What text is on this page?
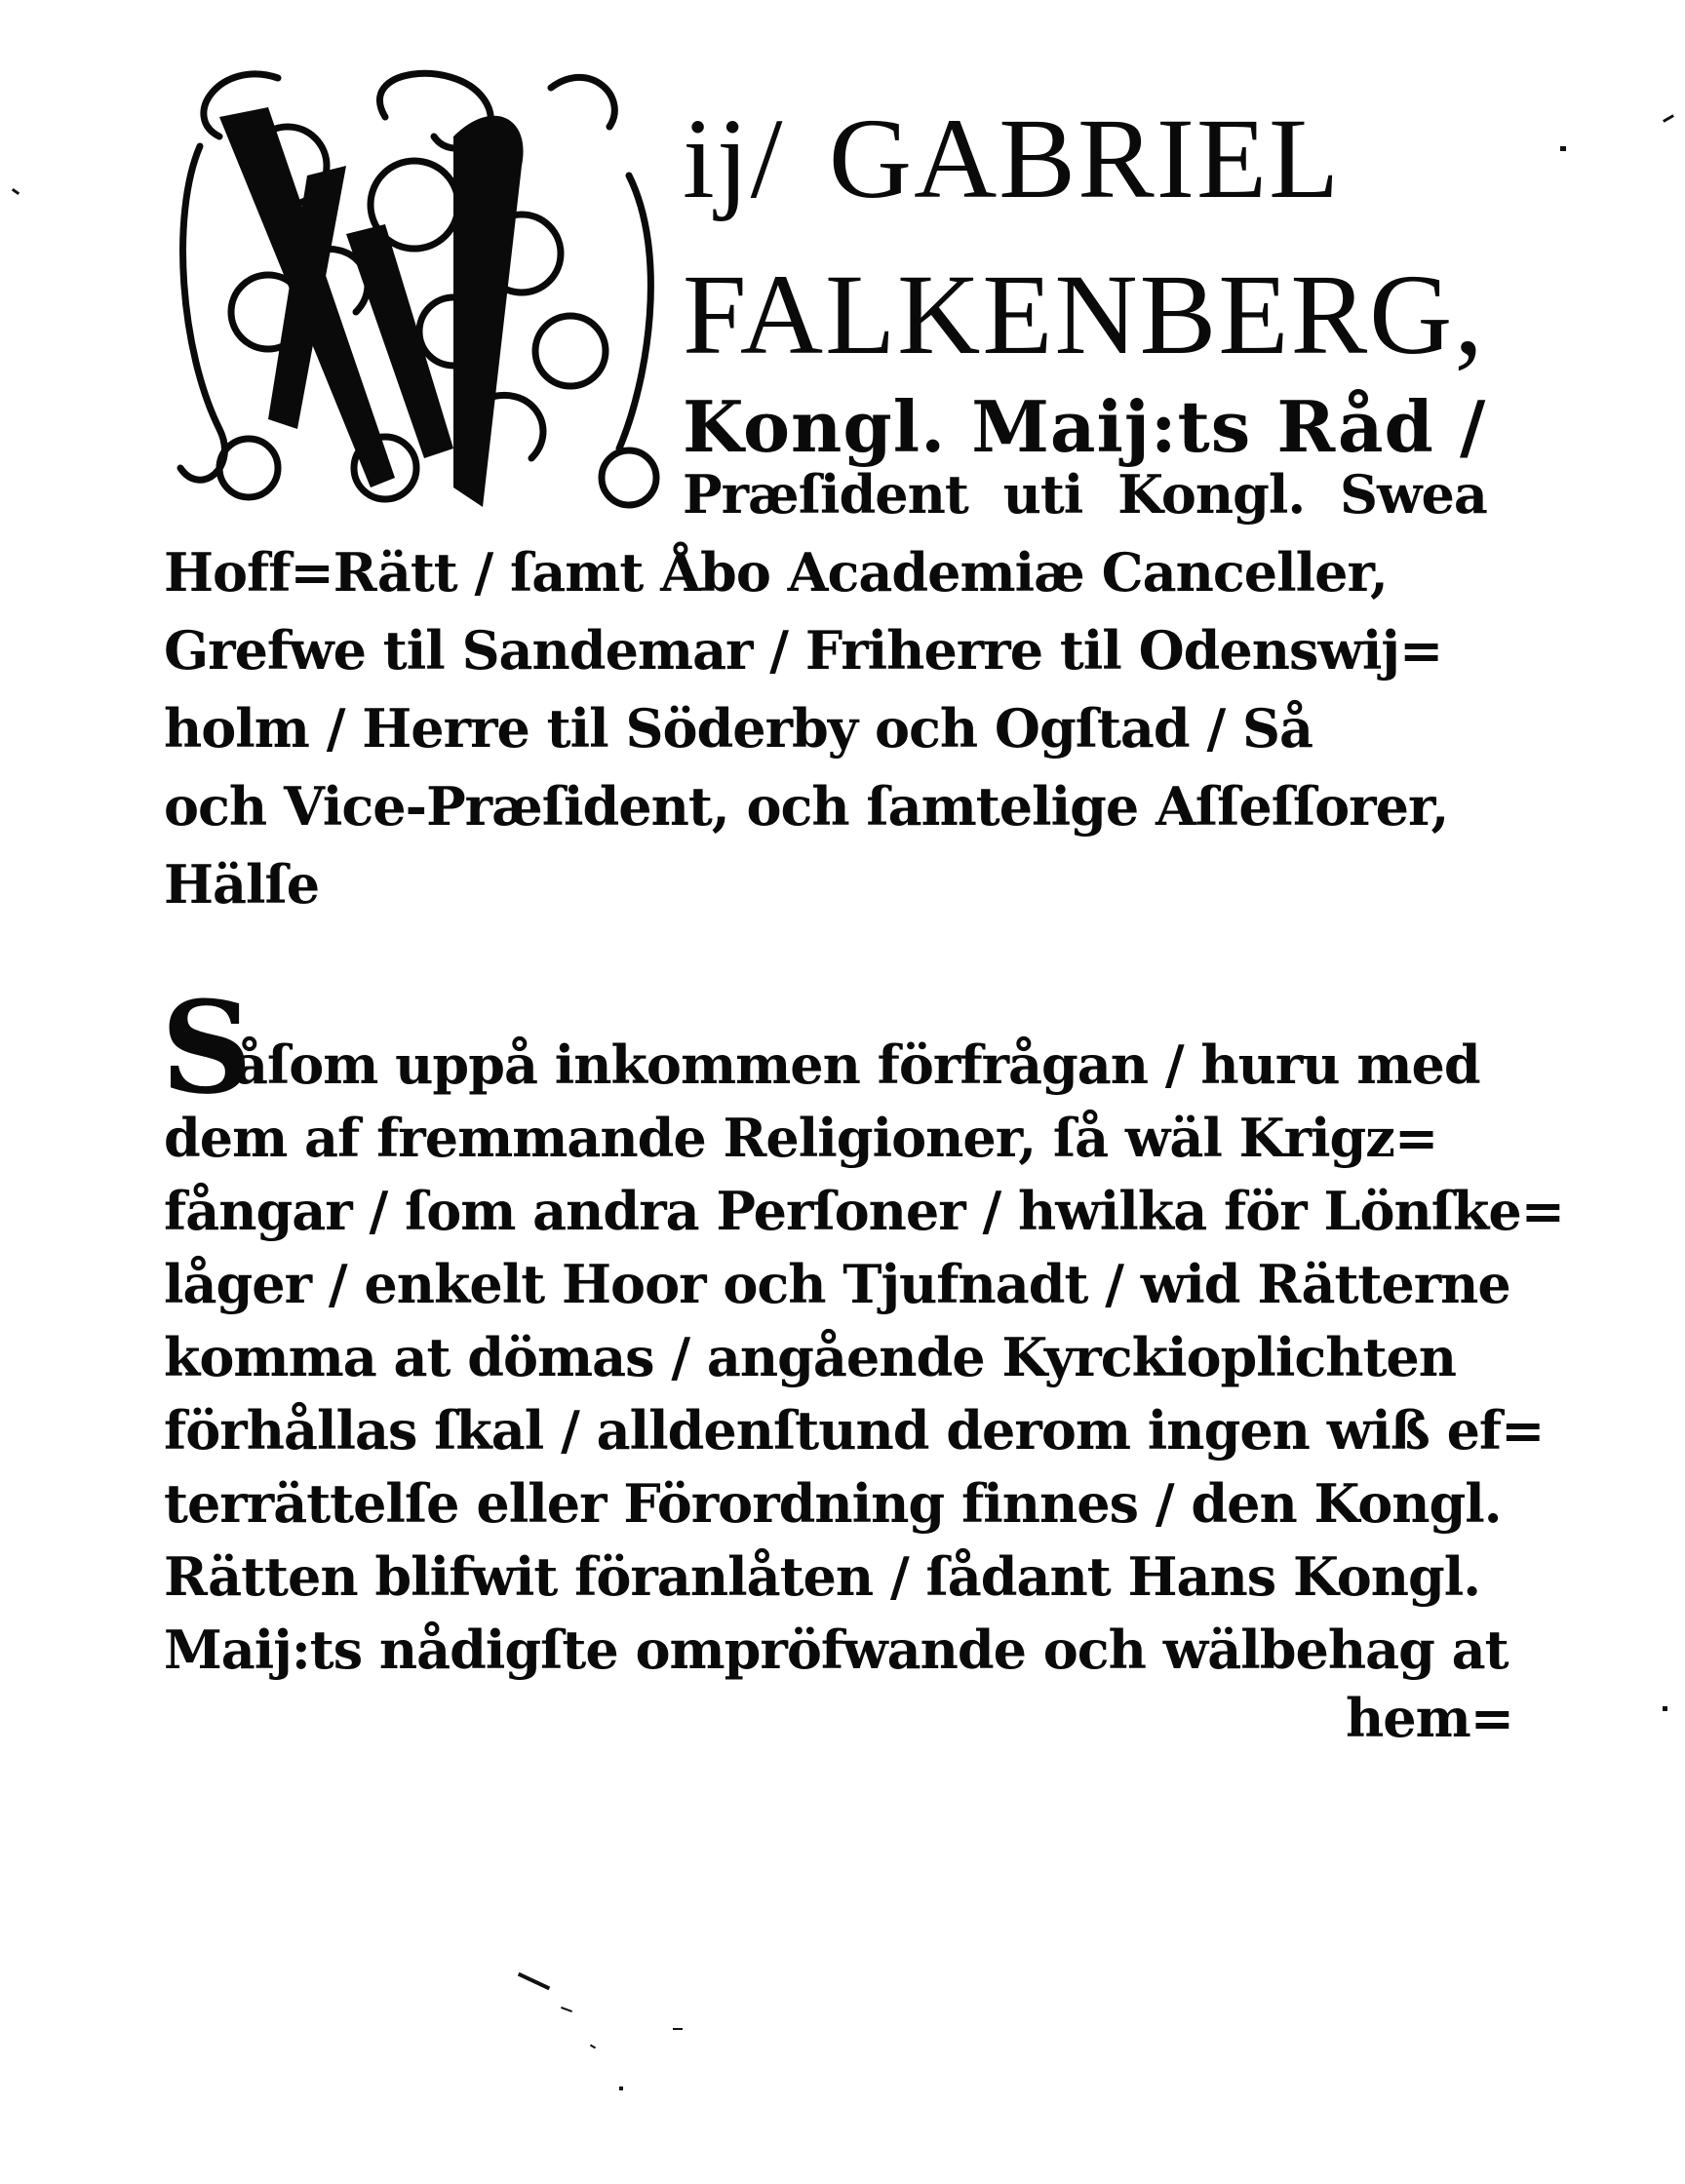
ij/ GABRIEL
FALKENBERG,
Kongl. Maij:ts Råd /
Præſident uti Kongl. Swea
Hoff=Rätt / ſamt Åbo Academiæ Canceller,
Grefwe til Sandemar / Friherre til Odenswij=
holm / Herre til Söderby och Ogſtad / Så
och Vice-Præſident, och ſamtelige Aſſeſſorer,
Hälſe
S
åſom uppå inkommen förfrågan / huru med
dem af fremmande Religioner, ſå wäl Krigz=
fångar / ſom andra Perſoner / hwilka för Lönſke=
låger / enkelt Hoor och Tjufnadt / wid Rätterne
komma at dömas / angående Kyrckioplichten
förhållas ſkal / alldenſtund derom ingen wiß ef=
terrättelſe eller Förordning finnes / den Kongl.
Rätten blifwit föranlåten / ſådant Hans Kongl.
Maij:ts nådigſte ompröfwande och wälbehag at
hem=
